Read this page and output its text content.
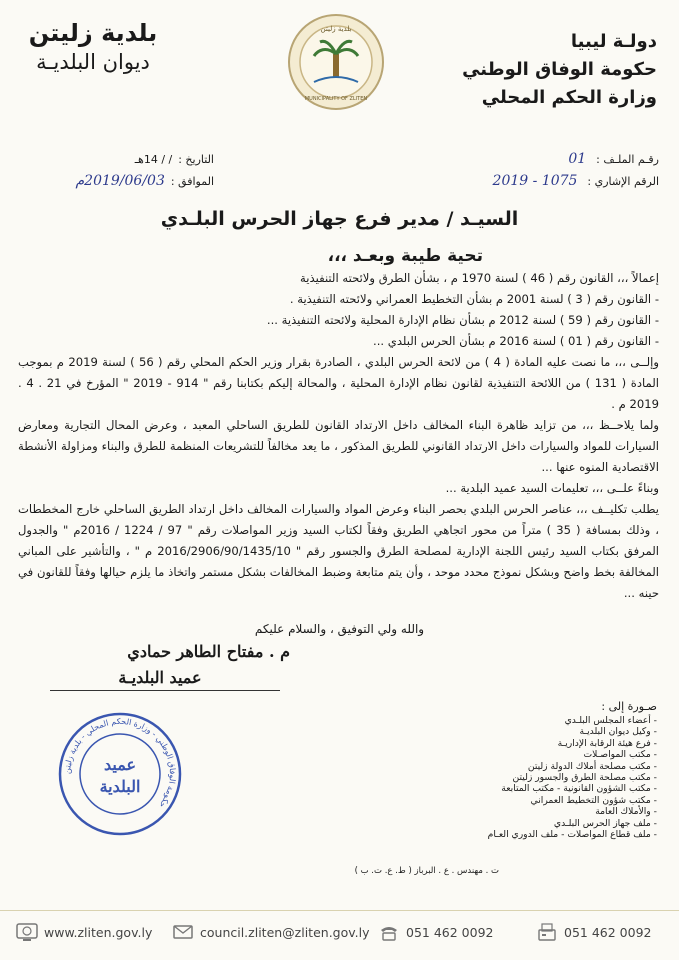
بلدية زليتن
ديوان البلديـة
بلدية زليتن
MUNICIPALITY OF ZLITEN
دولـة ليبيا
حكومة الوفاق الوطني
وزارة الحكم المحلي
رقـم الملـف :
01
الرقم الإشاري :
2019 - 1075
التاريخ :
/ / 14هـ
الموافق :
2019/06/03م
السيـد / مدير فرع جهاز الحرس البلـدي
تحية طيبة وبعـد ،،،

إعمالاً ،،، القانون رقم ( 46 ) لسنة 1970 م ، بشأن الطرق ولائحته التنفيذية

- القانون رقم ( 3 ) لسنة 2001 م بشأن التخطيط العمراني ولائحته التنفيذية .

- القانون رقم ( 59 ) لسنة 2012 م بشأن نظام الإدارة المحلية ولائحته التنفيذية ...

- القانون رقم ( 01 ) لسنة 2016 م بشأن الحرس البلدي ...

وإلــى ،،، ما نصت عليه المادة ( 4 ) من لائحة الحرس البلدي ، الصادرة بقرار وزير الحكم المحلي رقم ( 56 ) لسنة 2019 م بموجب المادة ( 131 ) من اللائحة التنفيذية لقانون نظام الإدارة المحلية ، والمحالة إليكم بكتابنا رقم " 914 - 2019 " المؤرخ في 21 . 4 . 2019 م .

ولما يلاحــظ ،،، من تزايد ظاهرة البناء المخالف داخل الارتداد القانون للطريق الساحلي المعبد ، وعرض المحال التجارية ومعارض السيارات للمواد والسيارات داخل الارتداد القانوني للطريق المذكور ، ما يعد مخالفاً للتشريعات المنظمة للطرق والبناء ومزاولة الأنشطة الاقتصادية المنوه عنها ...

وبناءً علــى ،،، تعليمات السيد عميد البلدية ...

يطلب تكليــف ،،، عناصر الحرس البلدي بحصر البناء وعرض المواد والسيارات المخالف داخل ارتداد الطريق الساحلي خارج المخططات ، وذلك بمسافة ( 35 ) متراً من محور اتجاهي الطريق وفقاً لكتاب السيد وزير المواصلات رقم " 97 / 1224 / 2016م " والجدول المرفق بكتاب السيد رئيس اللجنة الإدارية لمصلحة الطرق والجسور رقم " 2016/2906/90/1435/10 م " ، والتأشير على المباني المخالفة بخط واضح وبشكل نموذج محدد موحد ، وأن يتم متابعة وضبط المخالفات بشكل مستمر واتخاذ ما يلزم حيالها وفقاً للقانون في حينه ...

والله ولي التوفيق ، والسلام عليكم
م . مفتاح الطاهر حمادي
عميد البلديـة
حكومة الوفاق الوطني - وزارة الحكم المحلي - بلدية زليتن
عميد
البلدية
صـورة إلى :
- أعضاء المجلس البلـدي
- وكيل ديوان البلديـة
- فرع هيئة الرقابة الإداريـة
- مكتب المواصـلات
- مكتب مصلحة أملاك الدولة زليتن
- مكتب مصلحة الطرق والجسور زليتن
- مكتب الشؤون القانونية - مكتب المتابعة
- مكتب شؤون التخطيط العمراني
- والأملاك العامة
- ملف جهاز الحرس البلـدي
- ملف قطاع المواصلات - ملف الدوري العـام
ت . مهندس . ع . البرباز ( ط. ع. ت. ب )
www.zliten.gov.ly	council.zliten@zliten.gov.ly	051 462 0092	051 462 0092
